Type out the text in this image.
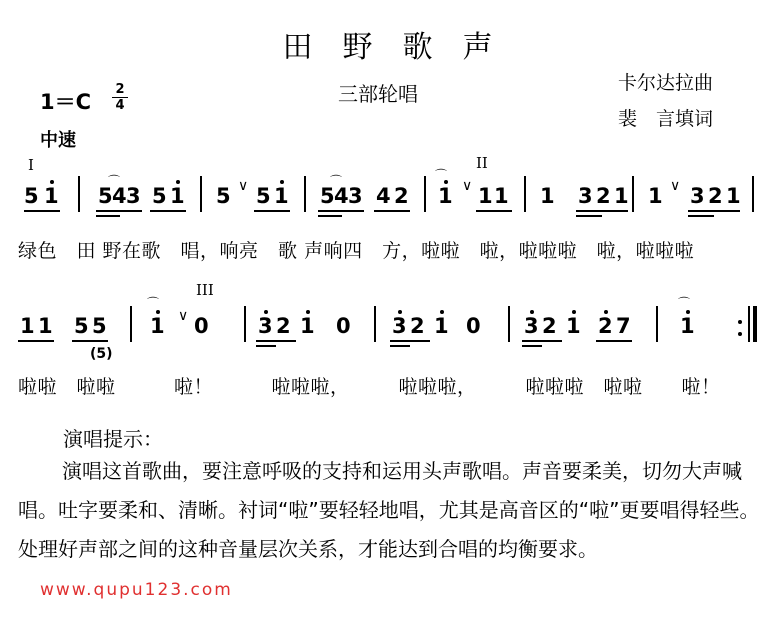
田野歌声
三部轮唱	卡尔达拉曲
裴　言填词
1＝C
2
4
中速
I	II
III
5 1 5 4 3 5 1 5 5 1 5 4 3 4 2 1 1 1 1 3 2 1 1 3 2 1
∨	∨	∨
⌒
⌒	⌒
绿色　田 野在歌　唱，响亮　歌 声响四　方，啦啦　啦，啦啦啦　啦，啦啦啦
1 1 5 5 1 0 3 2 1 0 3 2 1 0 3 2 1 2 7 1
∨
⌒	⌒
(5)
啦啦　啦啦　　　啦！　　　啦啦啦，　　　啦啦啦，　　　啦啦啦　啦啦　　啦！
演唱提示：
演唱这首歌曲，要注意呼吸的支持和运用头声歌唱。声音要柔美，切勿大声喊唱。吐字要柔和、清晰。衬词“啦”要轻轻地唱，尤其是高音区的“啦”更要唱得轻些。处理好声部之间的这种音量层次关系，才能达到合唱的均衡要求。
www.qupu123.com
